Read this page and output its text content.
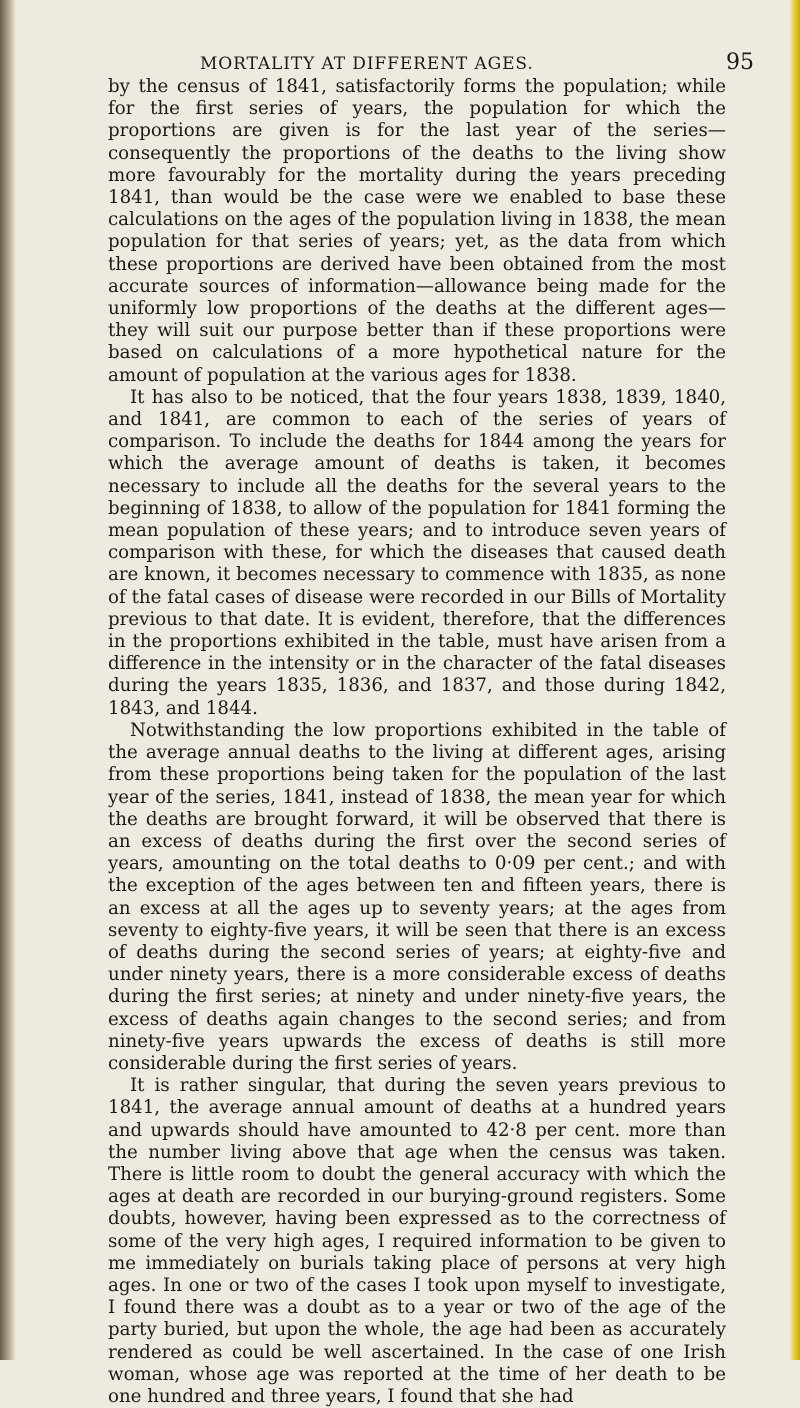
MORTALITY AT DIFFERENT AGES.	95

by the census of 1841, satisfactorily forms the population; while for the first series of years, the population for which the proportions are given is for the last year of the series—consequently the proportions of the deaths to the living show more favourably for the mortality during the years preceding 1841, than would be the case were we enabled to base these calculations on the ages of the population living in 1838, the mean population for that series of years; yet, as the data from which these proportions are derived have been obtained from the most accurate sources of information—allowance being made for the uniformly low proportions of the deaths at the different ages—they will suit our purpose better than if these proportions were based on calculations of a more hypothetical nature for the amount of population at the various ages for 1838.

It has also to be noticed, that the four years 1838, 1839, 1840, and 1841, are common to each of the series of years of comparison. To include the deaths for 1844 among the years for which the average amount of deaths is taken, it becomes necessary to include all the deaths for the several years to the beginning of 1838, to allow of the population for 1841 forming the mean population of these years; and to introduce seven years of comparison with these, for which the diseases that caused death are known, it becomes necessary to commence with 1835, as none of the fatal cases of disease were recorded in our Bills of Mortality previous to that date. It is evident, therefore, that the differences in the proportions exhibited in the table, must have arisen from a difference in the intensity or in the character of the fatal diseases during the years 1835, 1836, and 1837, and those during 1842, 1843, and 1844.

Notwithstanding the low proportions exhibited in the table of the average annual deaths to the living at different ages, arising from these proportions being taken for the population of the last year of the series, 1841, instead of 1838, the mean year for which the deaths are brought forward, it will be observed that there is an excess of deaths during the first over the second series of years, amounting on the total deaths to 0·09 per cent.; and with the exception of the ages between ten and fifteen years, there is an excess at all the ages up to seventy years; at the ages from seventy to eighty-five years, it will be seen that there is an excess of deaths during the second series of years; at eighty-five and under ninety years, there is a more considerable excess of deaths during the first series; at ninety and under ninety-five years, the excess of deaths again changes to the second series; and from ninety-five years upwards the excess of deaths is still more considerable during the first series of years.

It is rather singular, that during the seven years previous to 1841, the average annual amount of deaths at a hundred years and upwards should have amounted to 42·8 per cent. more than the number living above that age when the census was taken. There is little room to doubt the general accuracy with which the ages at death are recorded in our burying-ground registers. Some doubts, however, having been expressed as to the correctness of some of the very high ages, I required information to be given to me immediately on burials taking place of persons at very high ages. In one or two of the cases I took upon myself to investigate, I found there was a doubt as to a year or two of the age of the party buried, but upon the whole, the age had been as accurately rendered as could be well ascertained. In the case of one Irish woman, whose age was reported at the time of her death to be one hundred and three years, I found that she had
